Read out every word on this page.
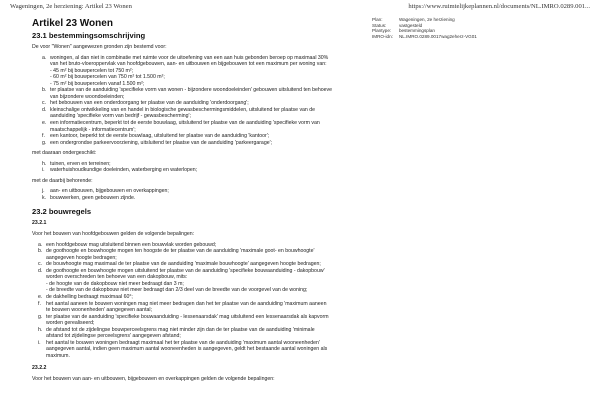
Wageningen, 2e herziening: Artikel 23 Wonen	https://www.ruimtelijkeplannen.nl/documents/NL.IMRO.0289.001...
Artikel 23 Wonen	Plan:	Wageningen, 2e herziening
Status:	vastgesteld
Plantype:	bestemmingsplan
IMRO-idn:	NL.IMRO.0289.0017wag2eherz-VG01
23.1 bestemmingsomschrijving

De voor "Wonen" aangewezen gronden zijn bestemd voor:

a. woningen, al dan niet in combinatie met ruimte voor de uitoefening van een aan huis gebonden beroep op maximaal 30%
van het bruto-vloeroppervlak van hoofdgebouwen, aan- en uitbouwen en bijgebouwen tot een maximum per woning van:
- 45 m² bij bouwpercelen tot 750 m²;
- 60 m² bij bouwpercelen van 750 m² tot 1.500 m²;
- 75 m² bij bouwpercelen vanaf 1.500 m²;
b. ter plaatse van de aanduiding 'specifieke vorm van wonen - bijzondere woondoeleinden' gebouwen uitsluitend ten behoeve
van bijzondere woondoeleinden;
c. het bebouwen van een onderdoorgang ter plaatse van de aanduiding 'onderdoorgang';
d. kleinschalige ontwikkeling van en handel in biologische gewasbeschermingsmiddelen, uitsluitend ter plaatse van de
aanduiding 'specifieke vorm van bedrijf - gewasbescherming';
e. een informatiecentrum, beperkt tot de eerste bouwlaag, uitsluitend ter plaatse van de aanduiding 'specifieke vorm van
maatschappelijk - informatiecentrum';
f. een kantoor, beperkt tot de eerste bouwlaag, uitsluitend ter plaatse van de aanduiding 'kantoor';
g. een ondergrondse parkeervoorziening, uitsluitend ter plaatse van de aanduiding 'parkeergarage';

met daaraan ondergeschikt:

h. tuinen, erven en terreinen;
i. waterhuishoudkundige doeleinden, waterberging en waterlopen;

met de daarbij behorende:

j. aan- en uitbouwen, bijgebouwen en overkappingen;
k. bouwwerken, geen gebouwen zijnde.
23.2 bouwregels

23.2.1

Voor het bouwen van hoofdgebouwen gelden de volgende bepalingen:

a. een hoofdgebouw mag uitsluitend binnen een bouwvlak worden gebouwd;
b. de goothoogte en bouwhoogte mogen ten hoogste de ter plaatse van de aanduiding 'maximale goot- en bouwhoogte'
aangegeven hoogte bedragen;
c. de bouwhoogte mag maximaal de ter plaatse van de aanduiding 'maximale bouwhoogte' aangegeven hoogte bedragen;
d. de goothoogte en bouwhoogte mogen uitsluitend ter plaatse van de aanduiding 'specifieke bouwaanduiding - dakopbouw'
worden overschreden ten behoeve van een dakopbouw, mits:
- de hoogte van de dakopbouw niet meer bedraagt dan 3 m;
- de breedte van de dakopbouw niet meer bedraagt dan 2/3 deel van de breedte van de voorgevel van de woning;
e. de dakhelling bedraagt maximaal 60°;
f. het aantal aaneen te bouwen woningen mag niet meer bedragen dan het ter plaatse van de aanduiding 'maximum aaneen
te bouwen woonenheden' aangegeven aantal;
g. ter plaatse van de aanduiding 'specifieke bouwaanduiding - lessenaarsdak' mag uitsluitend een lessenaarsdak als kapvorm
worden gerealiseerd;
h. de afstand tot de zijdelingse bouwperceelsgrens mag niet minder zijn dan de ter plaatse van de aanduiding 'minimale
afstand tot zijdelingse perceelsgrens' aangegeven afstand;
i. het aantal te bouwen woningen bedraagt maximaal het ter plaatse van de aanduiding 'maximum aantal wooneenheden'
aangegeven aantal, indien geen maximum aantal wooneenheden is aangegeven, geldt het bestaande aantal woningen als
maximum.

23.2.2

Voor het bouwen van aan- en uitbouwen, bijgebouwen en overkappingen gelden de volgende bepalingen:
